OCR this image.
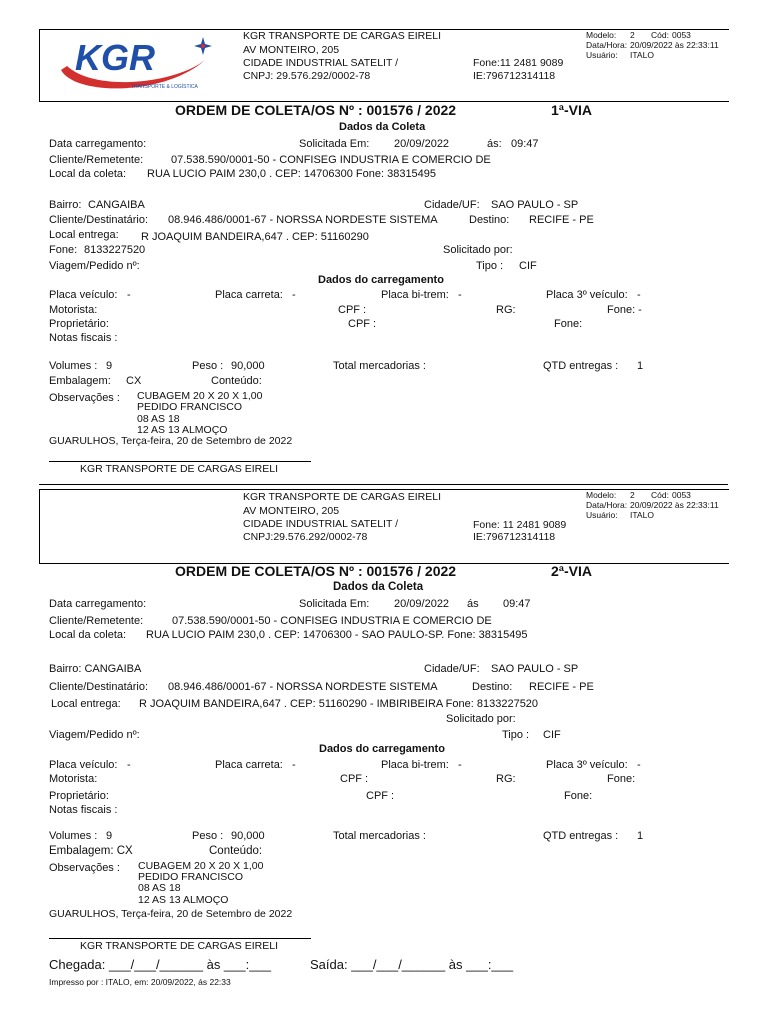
KGR
TRANSPORTE & LOGÍSTICA
KGR TRANSPORTE DE CARGAS EIRELI
AV MONTEIRO, 205
CIDADE INDUSTRIAL SATELIT /
CNPJ: 29.576.292/0002-78
Fone:11 2481 9089
IE:796712314118
Modelo: 2 Cód: 0053
Data/Hora: 20/09/2022 às 22:33:11
Usuário: ITALO
ORDEM DE COLETA/OS Nº : 001576 / 2022	1ª-VIA
Dados da Coleta
Data carregamento:	Solicitada Em: 20/09/2022	ás: 09:47
Cliente/Remetente:	07.538.590/0001-50 - CONFISEG INDUSTRIA E COMERCIO DE
Local da coleta: RUA LUCIO PAIM 230,0 . CEP: 14706300 Fone: 38315495
Bairro: CANGAIBA	Cidade/UF: SAO PAULO - SP
Cliente/Destinatário: 08.946.486/0001-67 - NORSSA NORDESTE SISTEMA	Destino: RECIFE - PE
Local entrega: R JOAQUIM BANDEIRA,647 . CEP: 51160290
Fone: 8133227520	Solicitado por:
Viagem/Pedido nº:	Tipo : CIF
Dados do carregamento
Placa veículo: -	Placa carreta: -	Placa bi-trem: -	Placa 3º veículo: -
Motorista:	CPF :	RG:	Fone: -
Proprietário:	CPF :	Fone:
Notas fiscais :
Volumes : 9	Peso : 90,000	Total mercadorias :	QTD entregas : 1
Embalagem: CX	Conteúdo:
Observações : CUBAGEM 20 X 20 X 1,00
PEDIDO FRANCISCO
08 AS 18
12 AS 13 ALMOÇO
GUARULHOS, Terça-feira, 20 de Setembro de 2022
KGR TRANSPORTE DE CARGAS EIRELI
KGR TRANSPORTE DE CARGAS EIRELI
AV MONTEIRO, 205
CIDADE INDUSTRIAL SATELIT /
CNPJ:29.576.292/0002-78
Fone: 11 2481 9089
IE:796712314118
Modelo: 2 Cód: 0053
Data/Hora: 20/09/2022 às 22:33:11
Usuário: ITALO
ORDEM DE COLETA/OS Nº : 001576 / 2022	2ª-VIA
Dados da Coleta
Data carregamento:	Solicitada Em: 20/09/2022 ás 09:47
Cliente/Remetente:	07.538.590/0001-50 - CONFISEG INDUSTRIA E COMERCIO DE
Local da coleta: RUA LUCIO PAIM 230,0 . CEP: 14706300 - SAO PAULO-SP. Fone: 38315495
Bairro: CANGAIBA	Cidade/UF: SAO PAULO - SP
Cliente/Destinatário: 08.946.486/0001-67 - NORSSA NORDESTE SISTEMA	Destino: RECIFE - PE
Local entrega: R JOAQUIM BANDEIRA,647 . CEP: 51160290 - IMBIRIBEIRA Fone: 8133227520
Solicitado por:
Viagem/Pedido nº:	Tipo : CIF
Dados do carregamento
Placa veículo: -	Placa carreta: -	Placa bi-trem: -	Placa 3º veículo: -
Motorista:	CPF :	RG:	Fone:
Proprietário:	CPF :	Fone:
Notas fiscais :
Volumes : 9	Peso : 90,000	Total mercadorias :	QTD entregas : 1
Embalagem: CX	Conteúdo:
Observações : CUBAGEM 20 X 20 X 1,00
PEDIDO FRANCISCO
08 AS 18
12 AS 13 ALMOÇO
GUARULHOS, Terça-feira, 20 de Setembro de 2022
KGR TRANSPORTE DE CARGAS EIRELI
Chegada: ___/___/______ às ___:___	Saída: ___/___/______ às ___:___
Impresso por : ITALO, em: 20/09/2022, ás 22:33
